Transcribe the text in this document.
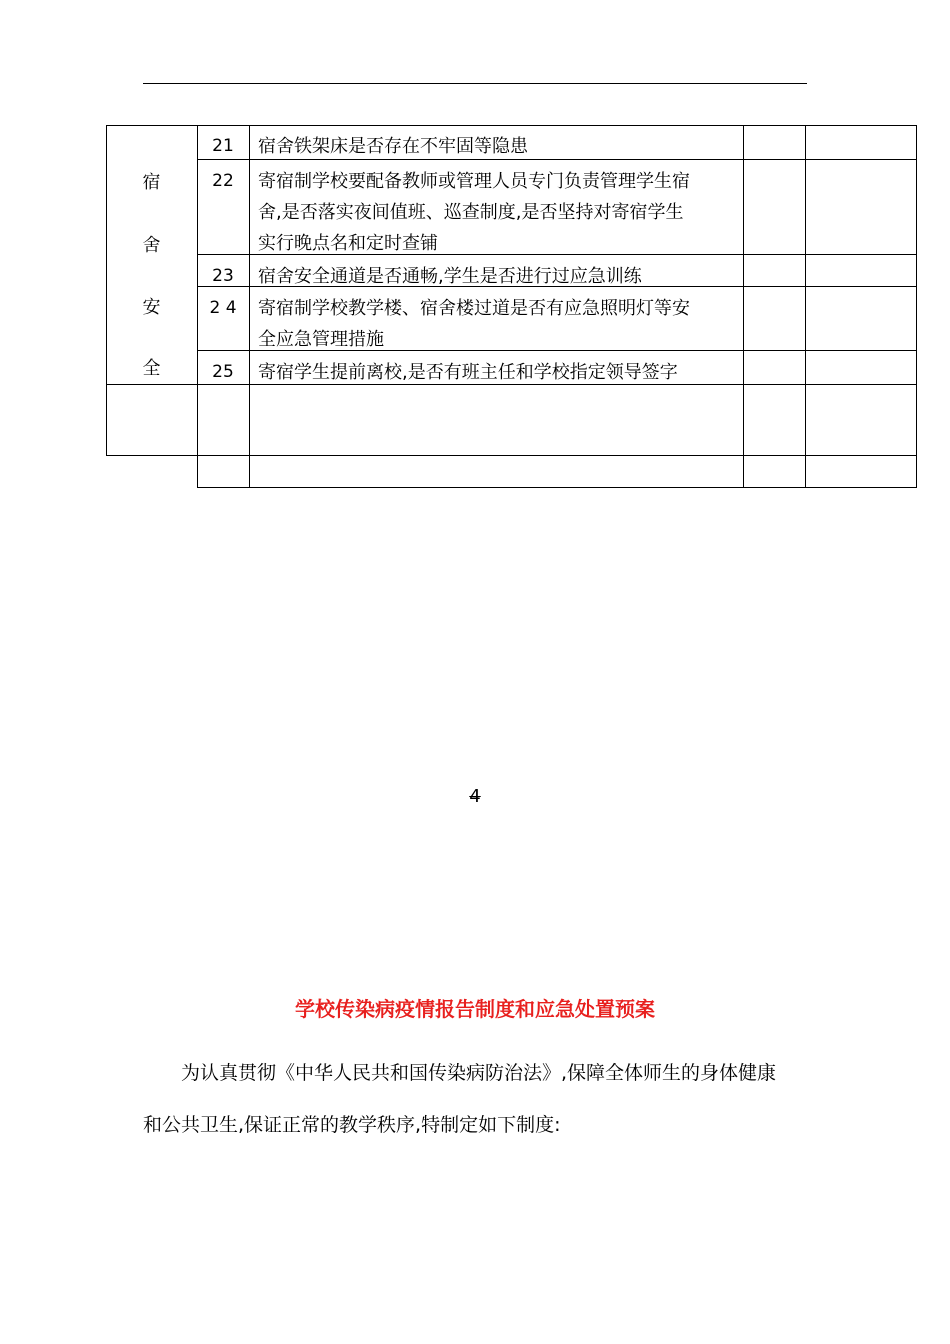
宿
舍
安
全
21	宿舍铁架床是否存在不牢固等隐患
22	寄宿制学校要配备教师或管理人员专门负责管理学生宿
舍,是否落实夜间值班、巡查制度,是否坚持对寄宿学生
实行晚点名和定时查铺
23	宿舍安全通道是否通畅,学生是否进行过应急训练
2 4	寄宿制学校教学楼、宿舍楼过道是否有应急照明灯等安
全应急管理措施
25	寄宿学生提前离校,是否有班主任和学校指定领导签字
4
学校传染病疫情报告制度和应急处置预案
为认真贯彻《中华人民共和国传染病防治法》,保障全体师生的身体健康
和公共卫生,保证正常的教学秩序,特制定如下制度:
